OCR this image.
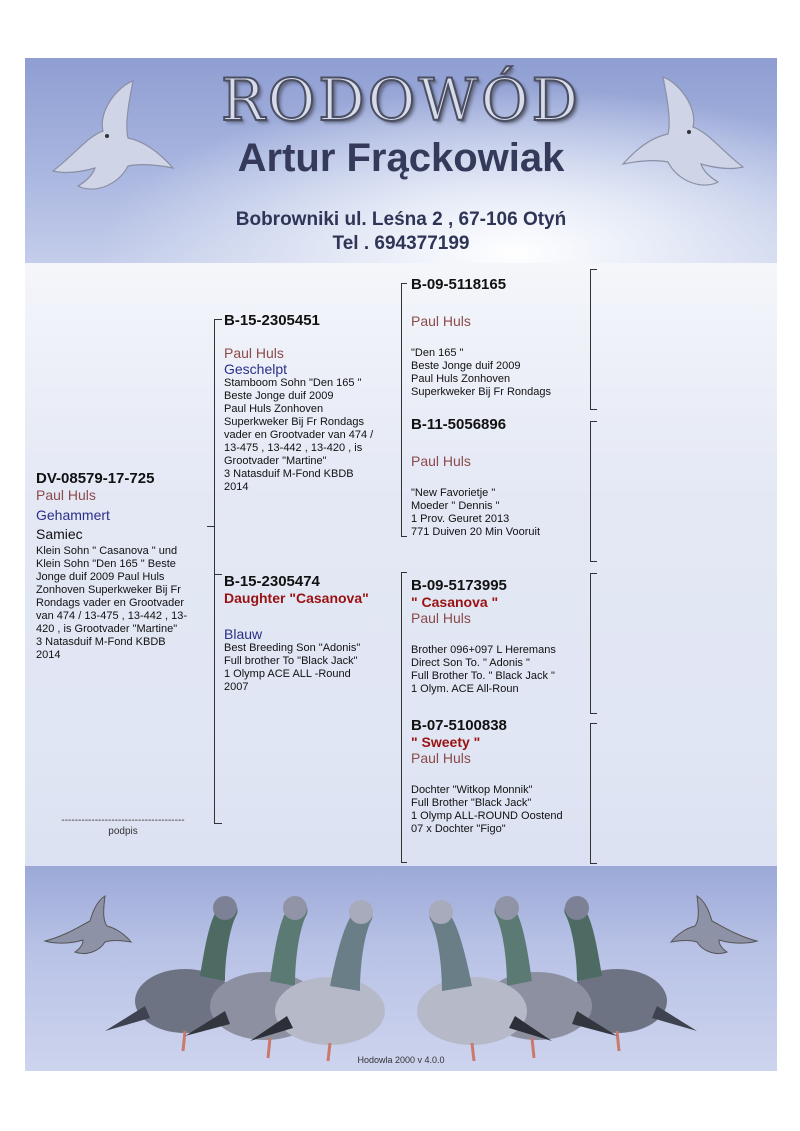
RODOWÓD
Artur Frąckowiak
Bobrowniki ul. Leśna 2 , 67-106 Otyń
Tel . 694377199
DV-08579-17-725
Paul Huls
Gehammert
Samiec
Klein Sohn " Casanova " und
Klein Sohn "Den 165 " Beste
Jonge duif 2009 Paul Huls
Zonhoven Superkweker Bij Fr
Rondags vader en Grootvader
van 474 / 13-475 , 13-442 , 13-
420 , is Grootvader "Martine"
3 Natasduif M-Fond KBDB
2014
-------------------------------------
podpis
B-15-2305451
Paul Huls
Geschelpt
Stamboom Sohn "Den 165 "
Beste Jonge duif 2009
Paul Huls Zonhoven
Superkweker Bij Fr Rondags
vader en Grootvader van 474 /
13-475 , 13-442 , 13-420 , is
Grootvader "Martine"
3 Natasduif M-Fond KBDB
2014
B-15-2305474
Daughter "Casanova"
Blauw
Best Breeding Son "Adonis"
Full brother To "Black Jack"
1 Olymp ACE ALL -Round
2007
B-09-5118165
Paul Huls
"Den 165 "
Beste Jonge duif 2009
Paul Huls Zonhoven
Superkweker Bij Fr Rondags
B-11-5056896
Paul Huls
"New Favorietje "
Moeder " Dennis "
1 Prov. Geuret 2013
771 Duiven 20 Min Vooruit
B-09-5173995
" Casanova "
Paul Huls
Brother 096+097 L Heremans
Direct Son To. " Adonis "
Full Brother To. " Black Jack "
1 Olym. ACE All-Roun
B-07-5100838
" Sweety "
Paul Huls
Dochter "Witkop Monnik"
Full Brother "Black Jack"
1 Olymp ALL-ROUND Oostend
07 x Dochter "Figo"
Hodowla 2000 v 4.0.0
